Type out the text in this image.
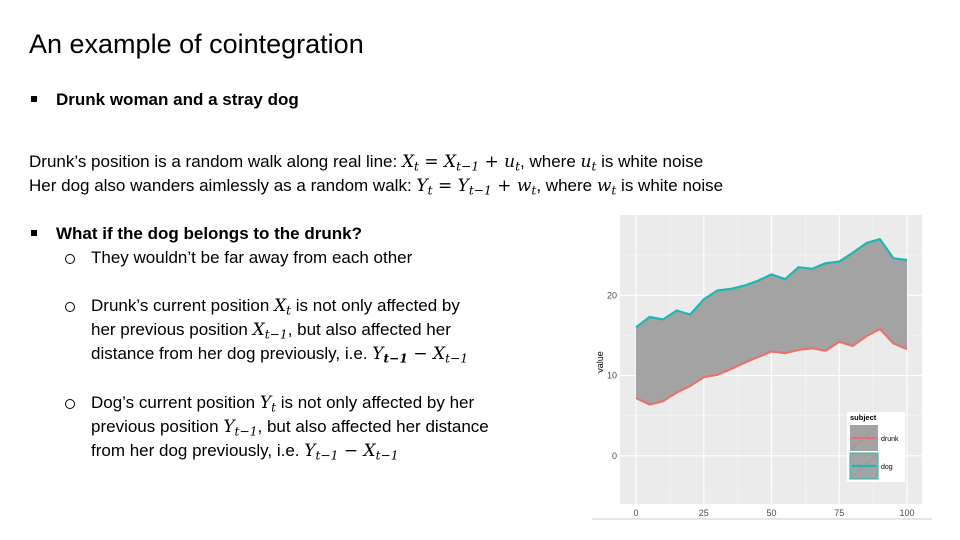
An example of cointegration
Drunk woman and a stray dog
Drunk’s position is a random walk along real line: $X_t = X_{t-1} + u_t$, where $u_t$ is white noise
Her dog also wanders aimlessly as a random walk: $Y_t = Y_{t-1} + w_t$, where $w_t$ is white noise
What if the dog belongs to the drunk?
They wouldn’t be far away from each other
Drunk’s current position $X_t$ is not only affected by
her previous position $X_{t-1}$, but also affected her
distance from her dog previously, i.e. $Y_{t-1} - X_{t-1}$
Dog’s current position $Y_t$ is not only affected by her
previous position $Y_{t-1}$, but also affected her distance
from her dog previously, i.e. $Y_{t-1} - X_{t-1}$
0	25	50	75	100
0
10
20
value
subject
drunk
dog
